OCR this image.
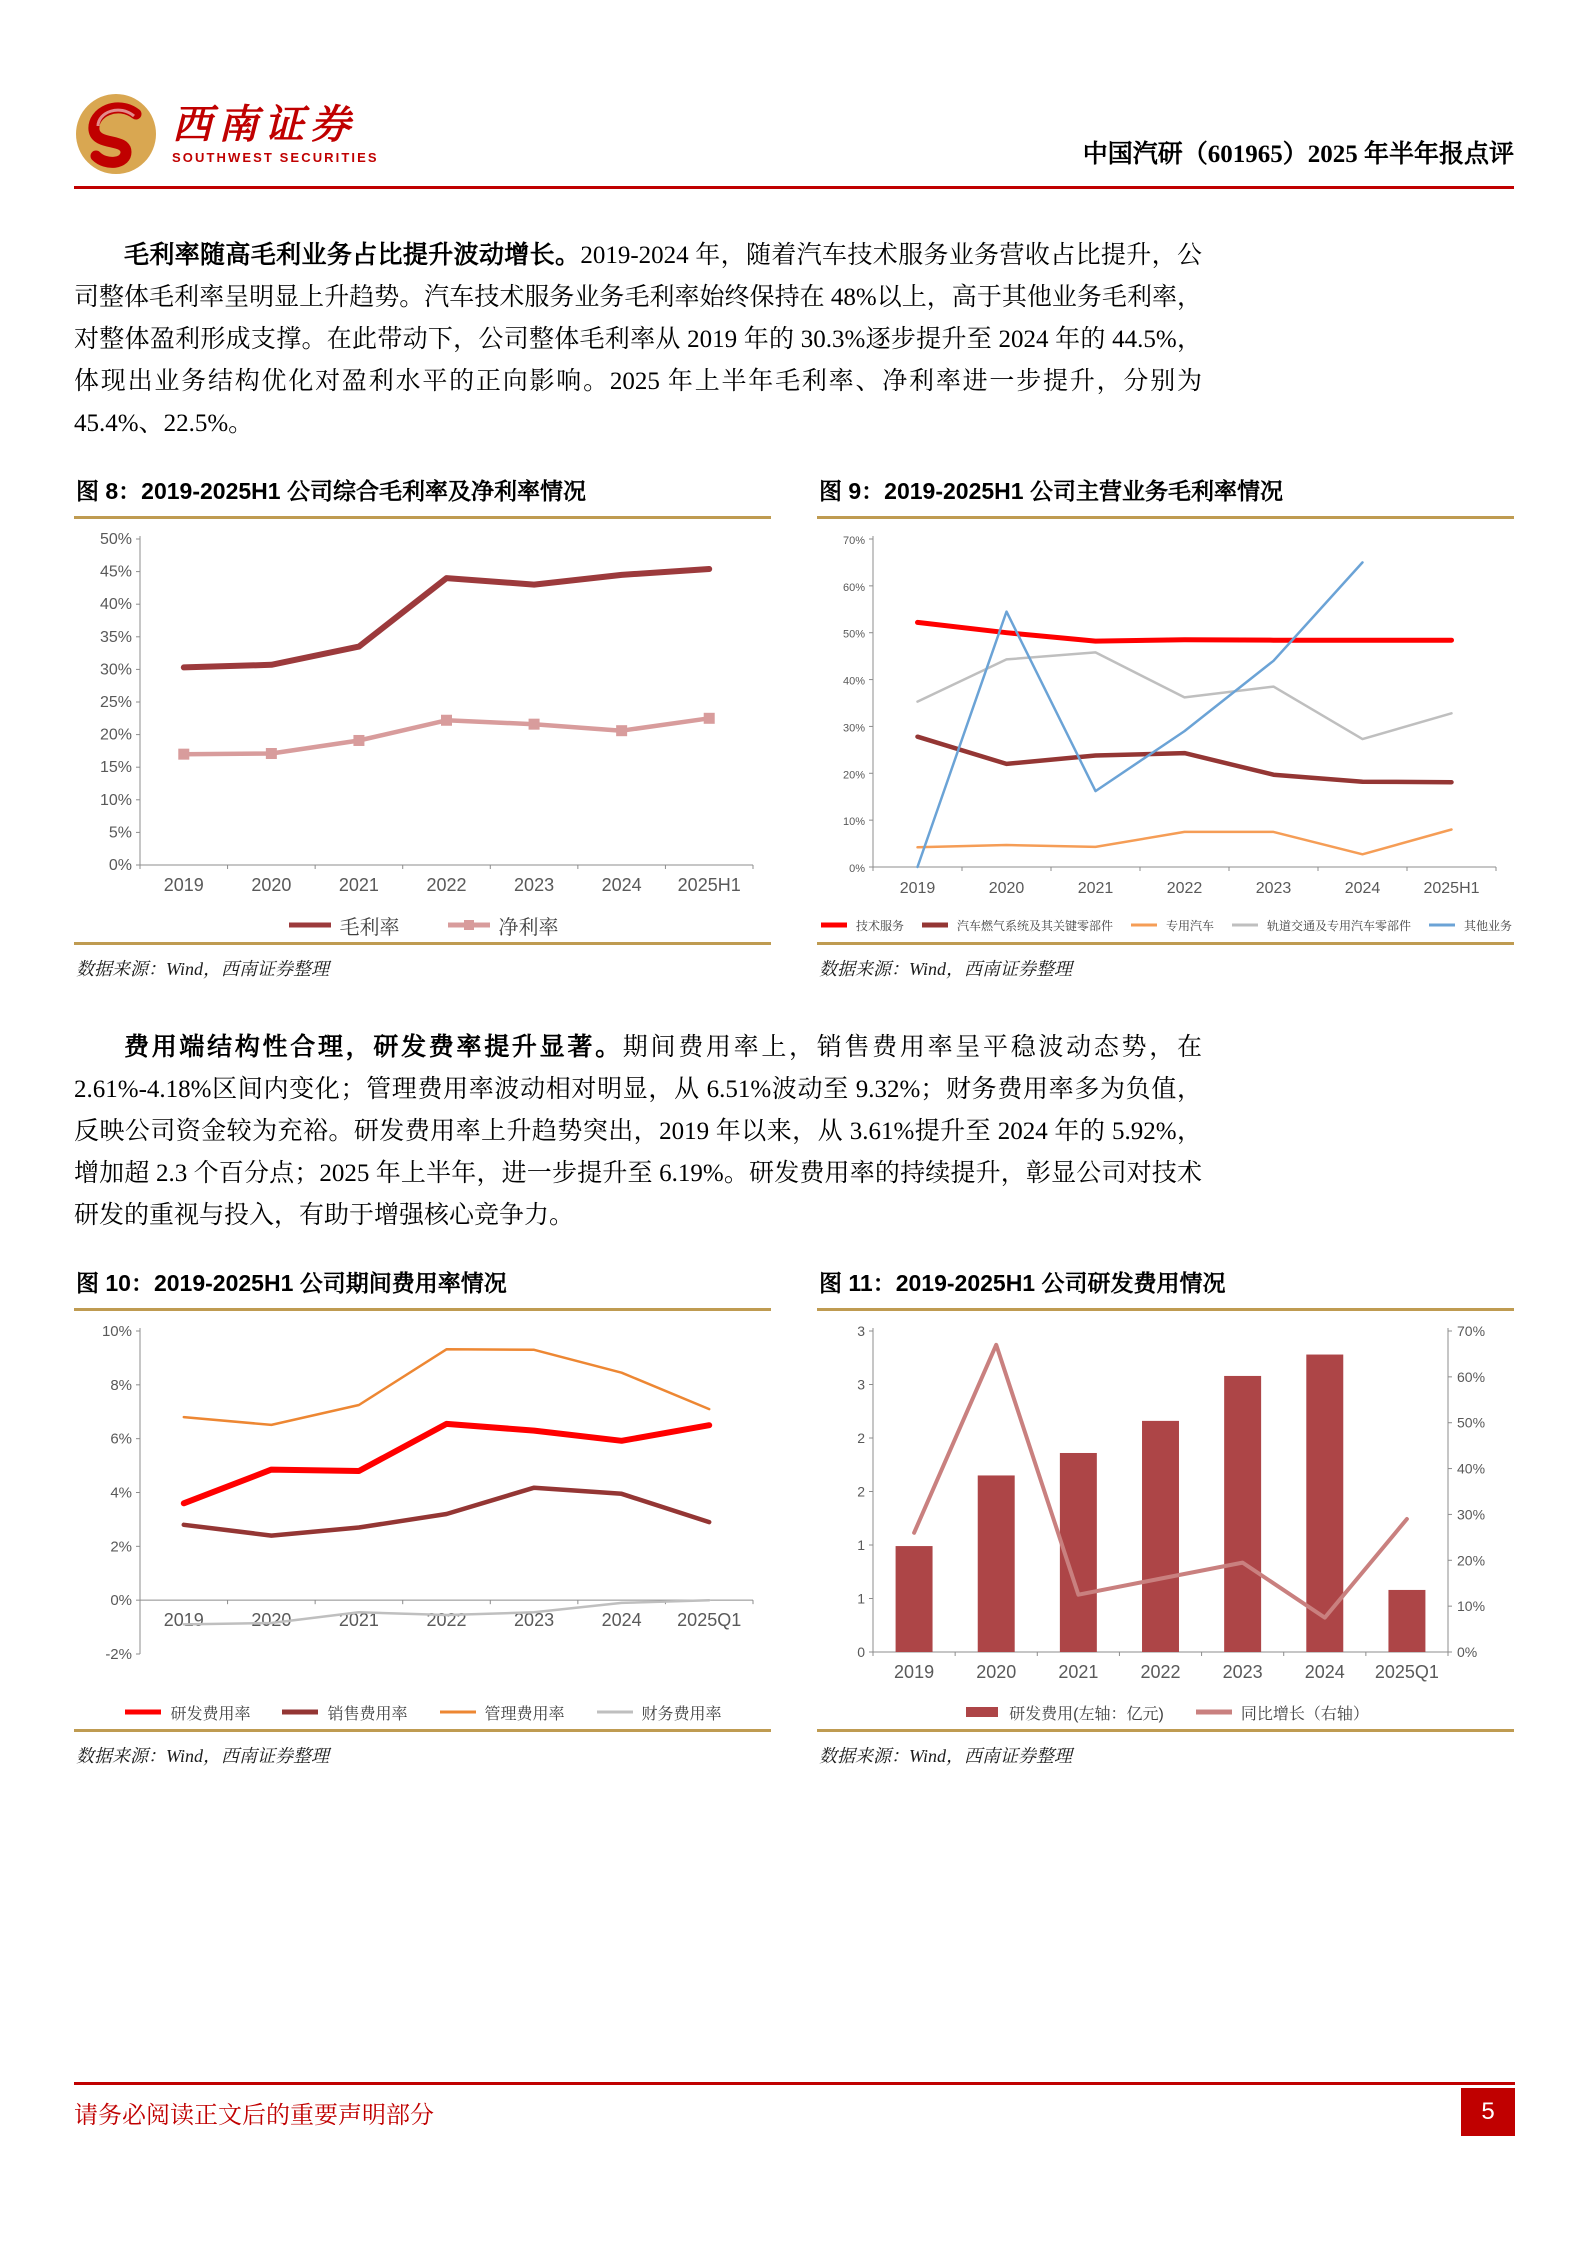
西南证券
SOUTHWEST SECURITIES	中国汽研（601965）2025 年半年报点评

毛利率随高毛利业务占比提升波动增长。2019-2024 年，随着汽车技术服务业务营收占比提升，公司整体毛利率呈明显上升趋势。汽车技术服务业务毛利率始终保持在 48%以上，高于其他业务毛利率，对整体盈利形成支撑。在此带动下，公司整体毛利率从 2019 年的 30.3%逐步提升至 2024 年的 44.5%，体现出业务结构优化对盈利水平的正向影响。2025 年上半年毛利率、净利率进一步提升，分别为 45.4%、22.5%。

图 8：2019-2025H1 公司综合毛利率及净利率情况
0%
5%
10%
15%
20%
25%
30%
35%
40%
45%
50%
2019	2020	2021	2022	2023	2024 2025H1
毛利率	净利率
数据来源：Wind，西南证券整理
图 9：2019-2025H1 公司主营业务毛利率情况
0%
10%
20%
30%
40%
50%
60%
70%
2019	2020	2021	2022	2023	2024	2025H1
技术服务	汽车燃气系统及其关键零部件	专用汽车	轨道交通及专用汽车零部件	其他业务
数据来源：Wind，西南证券整理

费用端结构性合理，研发费率提升显著。期间费用率上，销售费用率呈平稳波动态势，在 2.61%-4.18%区间内变化；管理费用率波动相对明显，从 6.51%波动至 9.32%；财务费用率多为负值，反映公司资金较为充裕。研发费用率上升趋势突出，2019 年以来，从 3.61%提升至 2024 年的 5.92%，增加超 2.3 个百分点；2025 年上半年，进一步提升至 6.19%。研发费用率的持续提升，彰显公司对技术研发的重视与投入，有助于增强核心竞争力。

图 10：2019-2025H1 公司期间费用率情况
-2%
0%
2%
4%
6%
8%
10%
2019	2020	2021	2022	2023	2024 2025Q1
研发费用率	销售费用率	管理费用率	财务费用率
数据来源：Wind，西南证券整理
图 11：2019-2025H1 公司研发费用情况
0
1
1
2
2
3
3
2019 2020 2021 2022 2023 2024 2025Q1
0%
10%
20%
30%
40%
50%
60%
70%
研发费用(左轴：亿元)	同比增长（右轴）
数据来源：Wind，西南证券整理
请务必阅读正文后的重要声明部分	5
